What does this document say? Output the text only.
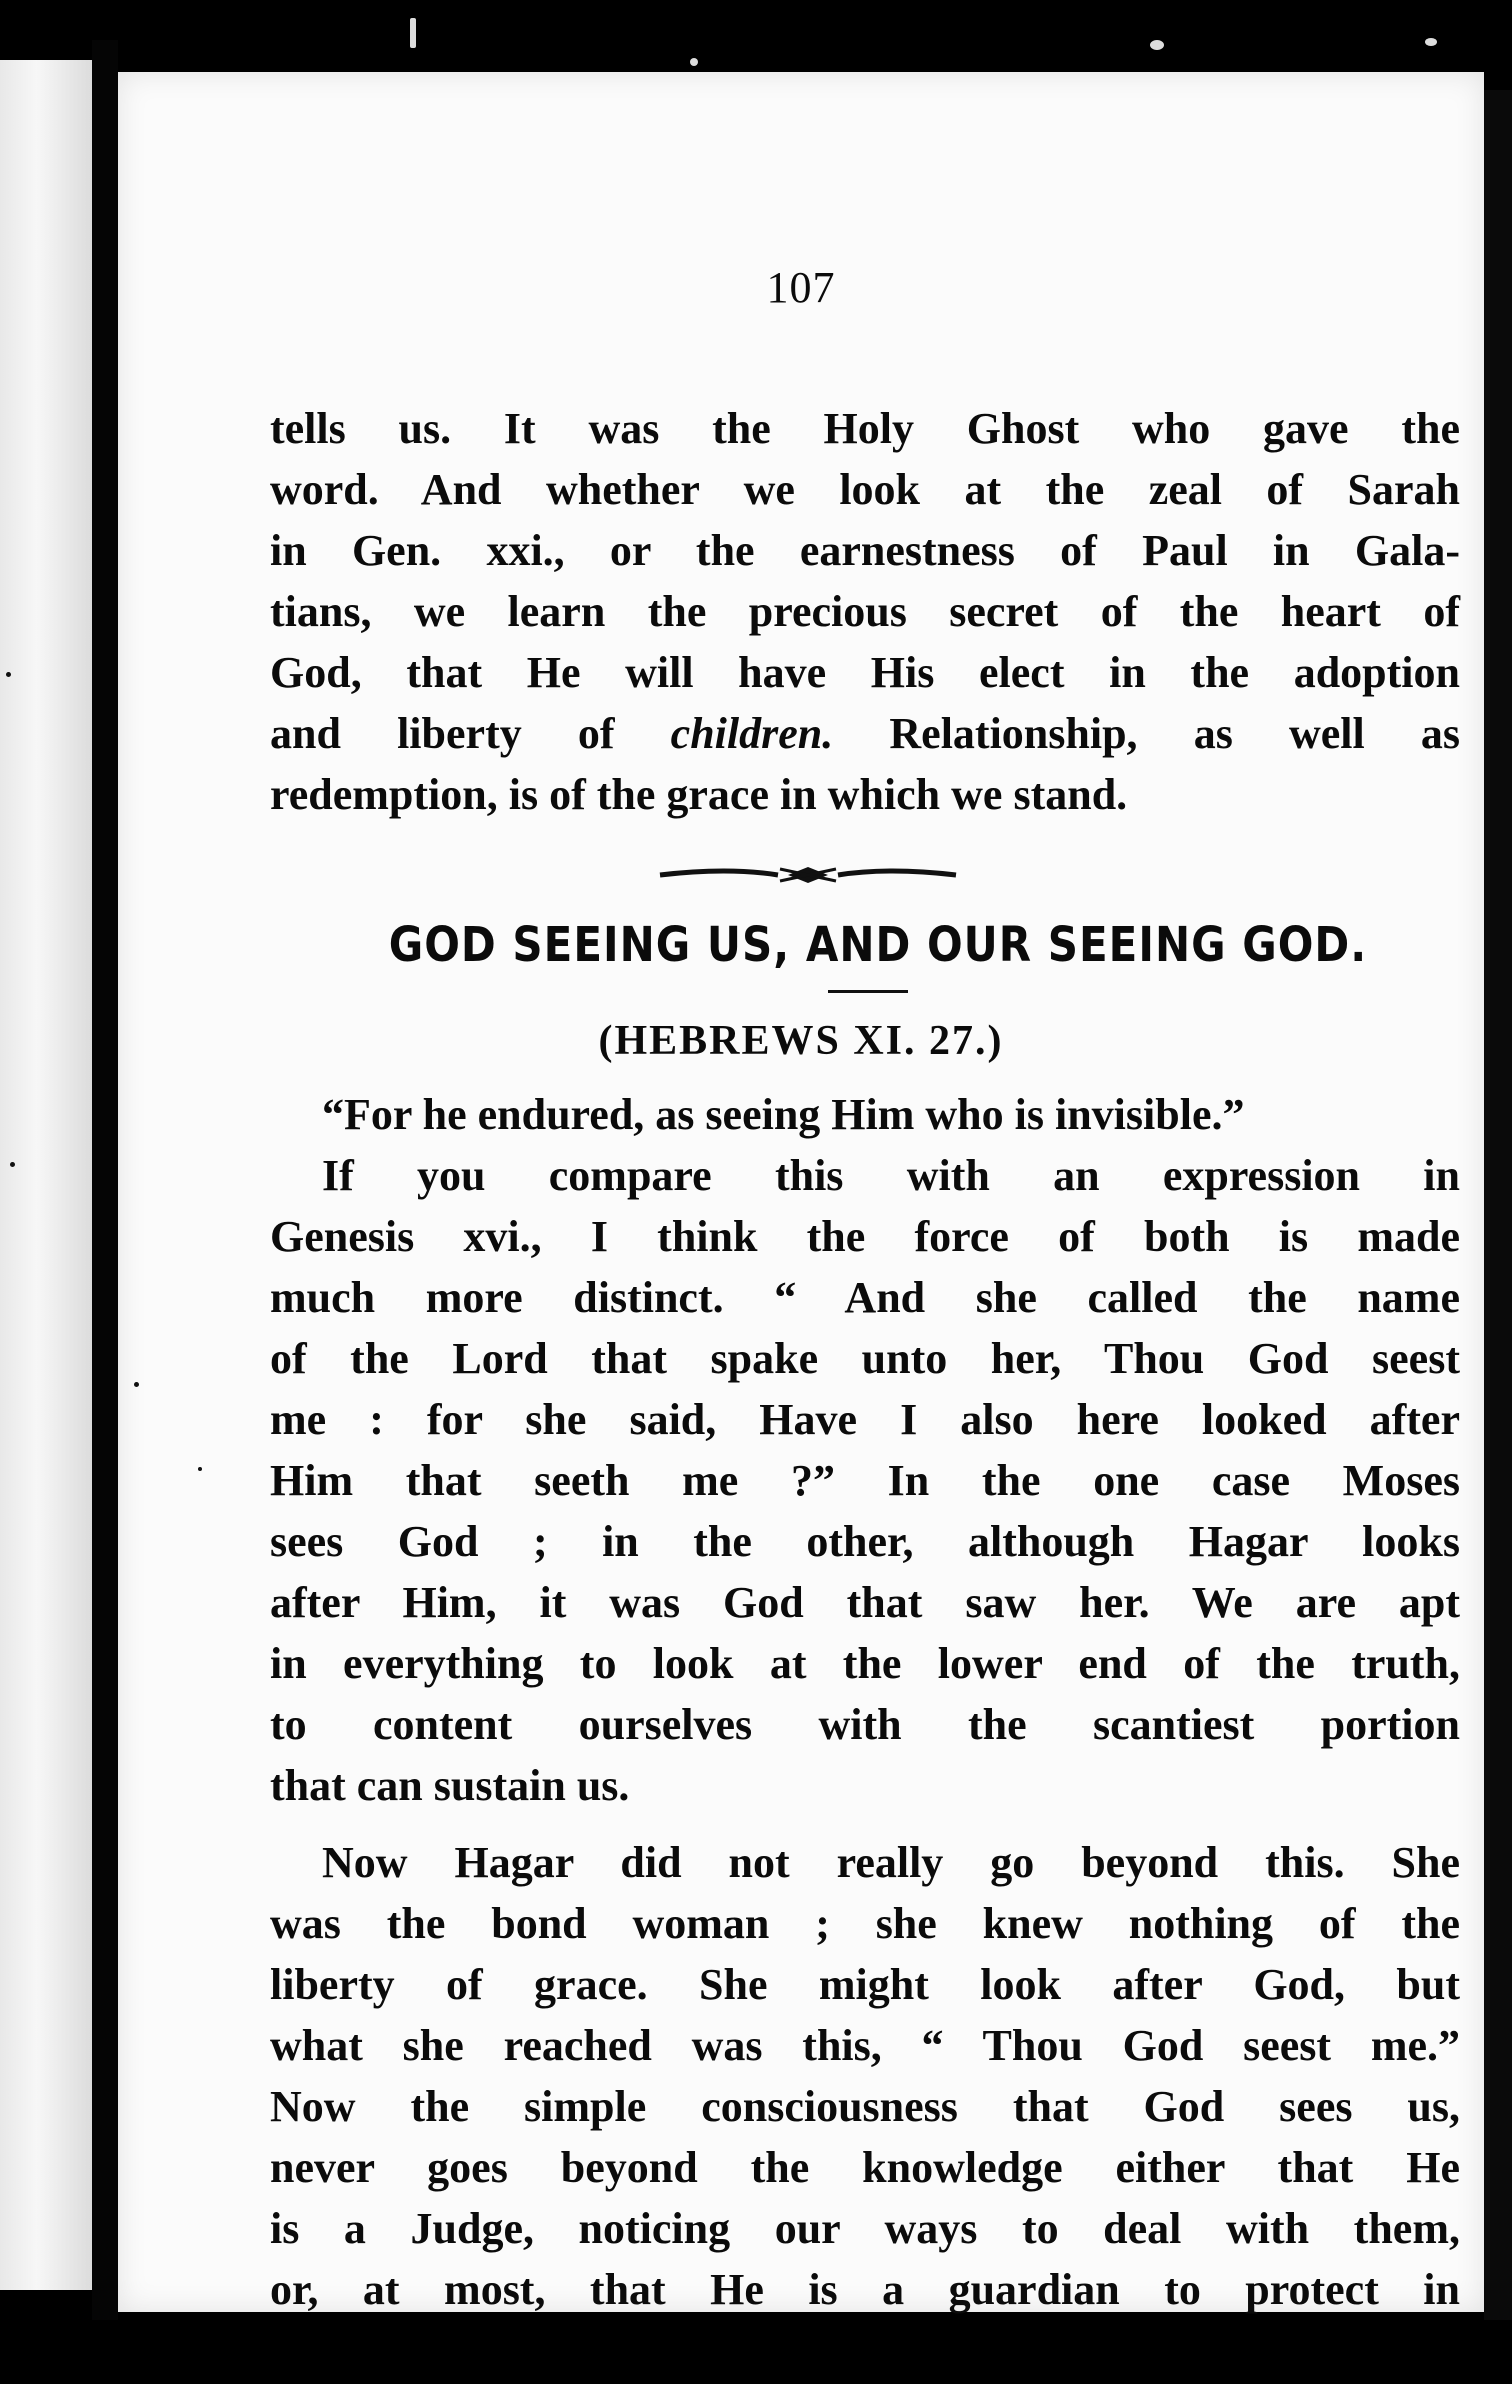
107
tells us. It was the Holy Ghost who gave the
word. And whether we look at the zeal of Sarah
in Gen. xxi., or the earnestness of Paul in Gala-
tians, we learn the precious secret of the heart of
God, that He will have His elect in the adoption
and liberty of children. Relationship, as well as
redemption, is of the grace in which we stand.
GOD SEEING US, AND OUR SEEING GOD.
(HEBREWS XI. 27.)
“For he endured, as seeing Him who is invisible.”
If you compare this with an expression in
Genesis xvi., I think the force of both is made
much more distinct. “ And she called the name
of the Lord that spake unto her, Thou God seest
me : for she said, Have I also here looked after
Him that seeth me ?” In the one case Moses
sees God ; in the other, although Hagar looks
after Him, it was God that saw her. We are apt
in everything to look at the lower end of the truth,
to content ourselves with the scantiest portion
that can sustain us.
Now Hagar did not really go beyond this. She
was the bond woman ; she knew nothing of the
liberty of grace. She might look after God, but
what she reached was this, “ Thou God seest me.”
Now the simple consciousness that God sees us,
never goes beyond the knowledge either that He
is a Judge, noticing our ways to deal with them,
or, at most, that He is a guardian to protect in
